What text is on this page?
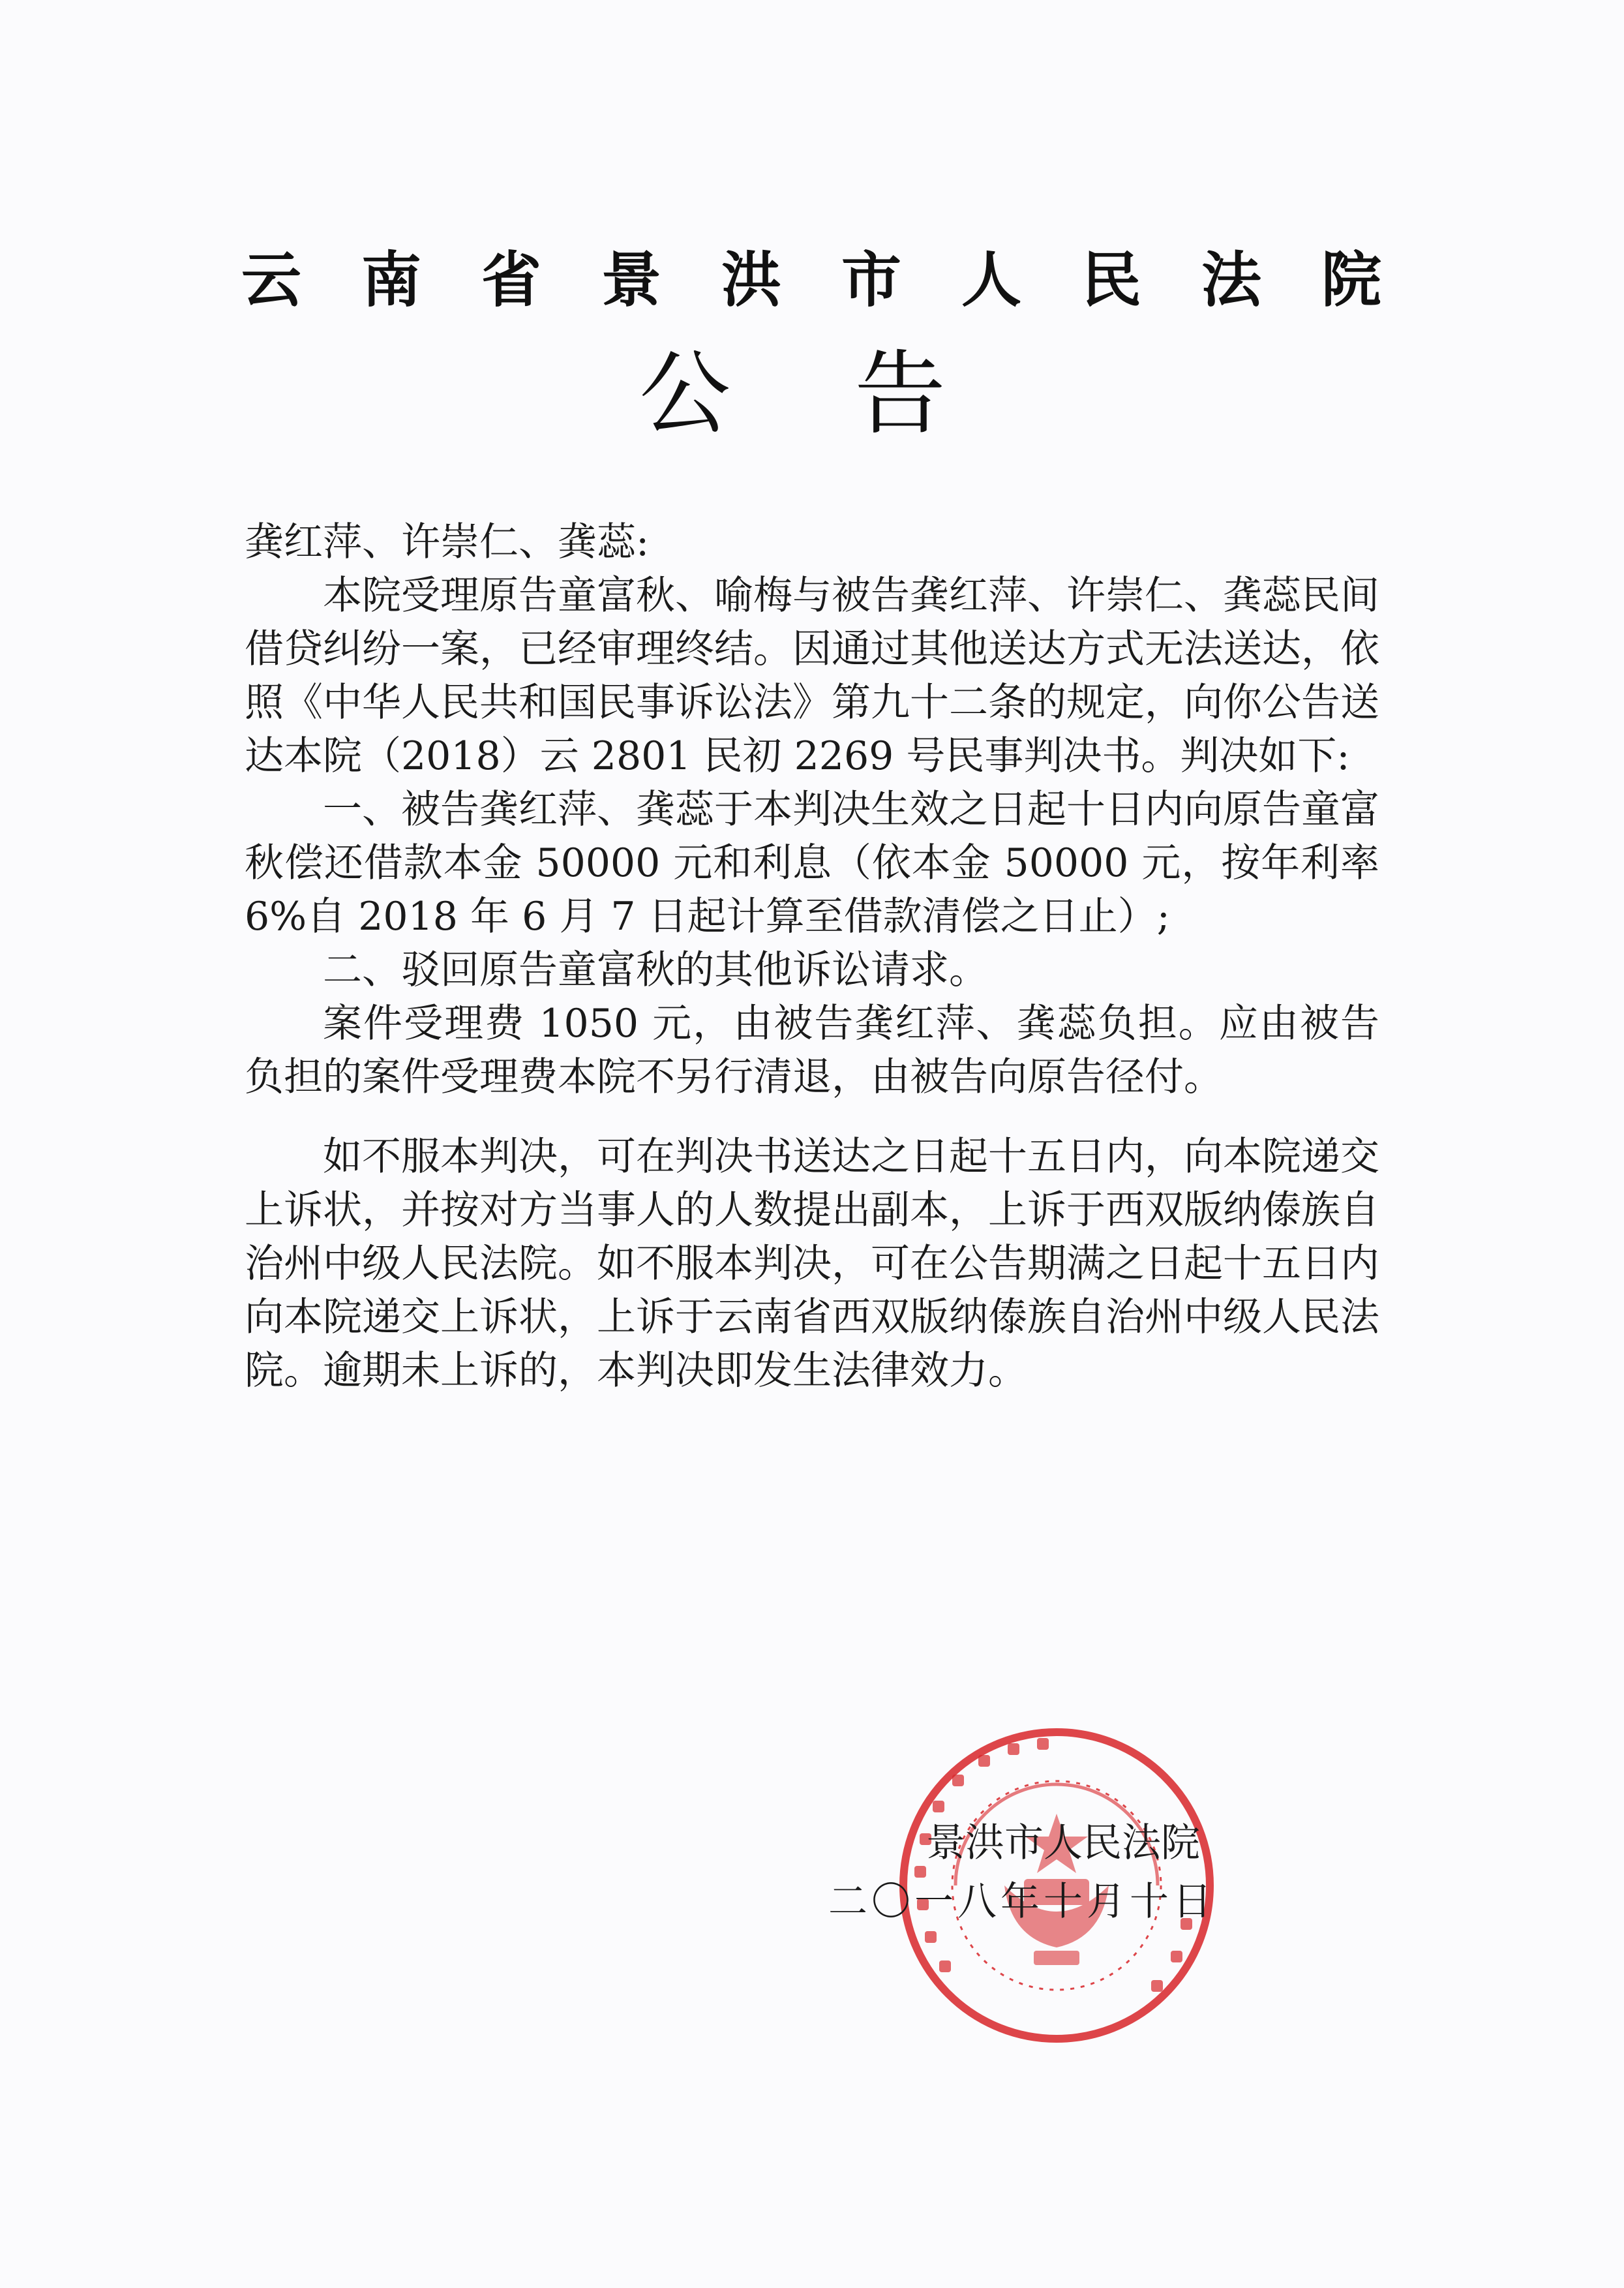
云南省景洪市人民法院
公告

龚红萍、许崇仁、龚蕊:

本院受理原告童富秋、喻梅与被告龚红萍、许崇仁、龚蕊民间借贷纠纷一案，已经审理终结。因通过其他送达方式无法送达，依照《中华人民共和国民事诉讼法》第九十二条的规定，向你公告送达本院（2018）云 2801 民初 2269 号民事判决书。判决如下:

一、被告龚红萍、龚蕊于本判决生效之日起十日内向原告童富秋偿还借款本金 50000 元和利息（依本金 50000 元，按年利率 6%自 2018 年 6 月 7 日起计算至借款清偿之日止）;

二、驳回原告童富秋的其他诉讼请求。

案件受理费 1050 元，由被告龚红萍、龚蕊负担。应由被告负担的案件受理费本院不另行清退，由被告向原告径付。

如不服本判决，可在判决书送达之日起十五日内，向本院递交上诉状，并按对方当事人的人数提出副本，上诉于西双版纳傣族自治州中级人民法院。如不服本判决，可在公告期满之日起十五日内向本院递交上诉状，上诉于云南省西双版纳傣族自治州中级人民法院。逾期未上诉的，本判决即发生法律效力。

景洪市人民法院
二〇一八年十月十日
